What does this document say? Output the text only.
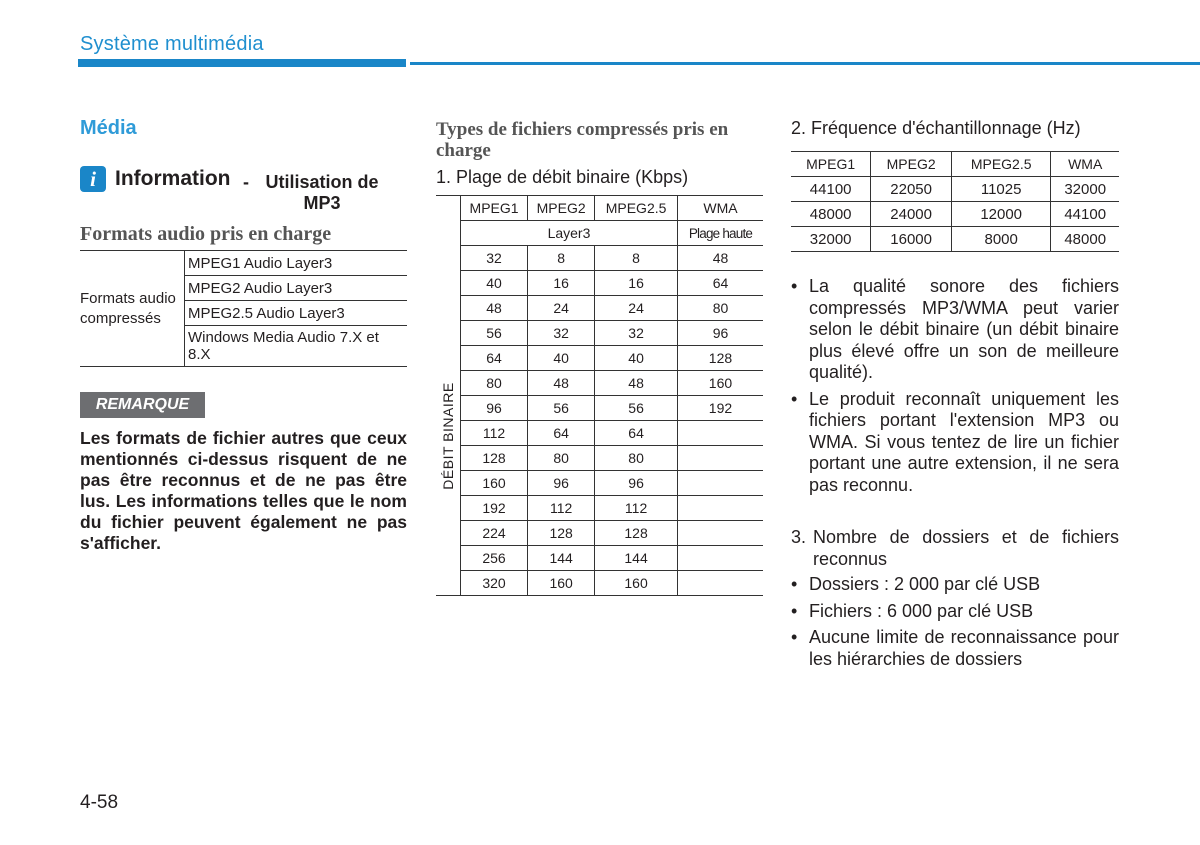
Système multimédia
Média
i Information - Utilisation de MP3
Formats audio pris en charge
Formats audio compressés	MPEG1 Audio Layer3
MPEG2 Audio Layer3
MPEG2.5 Audio Layer3
Windows Media Audio 7.X et 8.X
REMARQUE
Les formats de fichier autres que ceux mentionnés ci-dessus risquent de ne pas être reconnus et de ne pas être lus. Les informations telles que le nom du fichier peuvent également ne pas s'afficher.
Types de fichiers compressés pris en charge
1. Plage de débit binaire (Kbps)
DÉBIT BINAIRE	MPEG1	MPEG2	MPEG2.5	WMA
	Layer3			Plage haute
	32	8	8	48
	40	16	16	64
	48	24	24	80
	56	32	32	96
	64	40	40	128
	80	48	48	160
	96	56	56	192
	112	64	64	
	128	80	80	
	160	96	96	
	192	112	112	
	224	128	128	
	256	144	144	
	320	160	160	
2. Fréquence d'échantillonnage (Hz)
MPEG1	MPEG2	MPEG2.5	WMA
44100	22050	11025	32000
48000	24000	12000	44100
32000	16000	8000	48000
• La qualité sonore des fichiers compressés MP3/WMA peut varier selon le débit binaire (un débit binaire plus élevé offre un son de meilleure qualité).
• Le produit reconnaît uniquement les fichiers portant l'extension MP3 ou WMA. Si vous tentez de lire un fichier portant une autre extension, il ne sera pas reconnu.
3. Nombre de dossiers et de fichiers reconnus
• Dossiers : 2 000 par clé USB
• Fichiers : 6 000 par clé USB
• Aucune limite de reconnaissance pour les hiérarchies de dossiers
4-58
